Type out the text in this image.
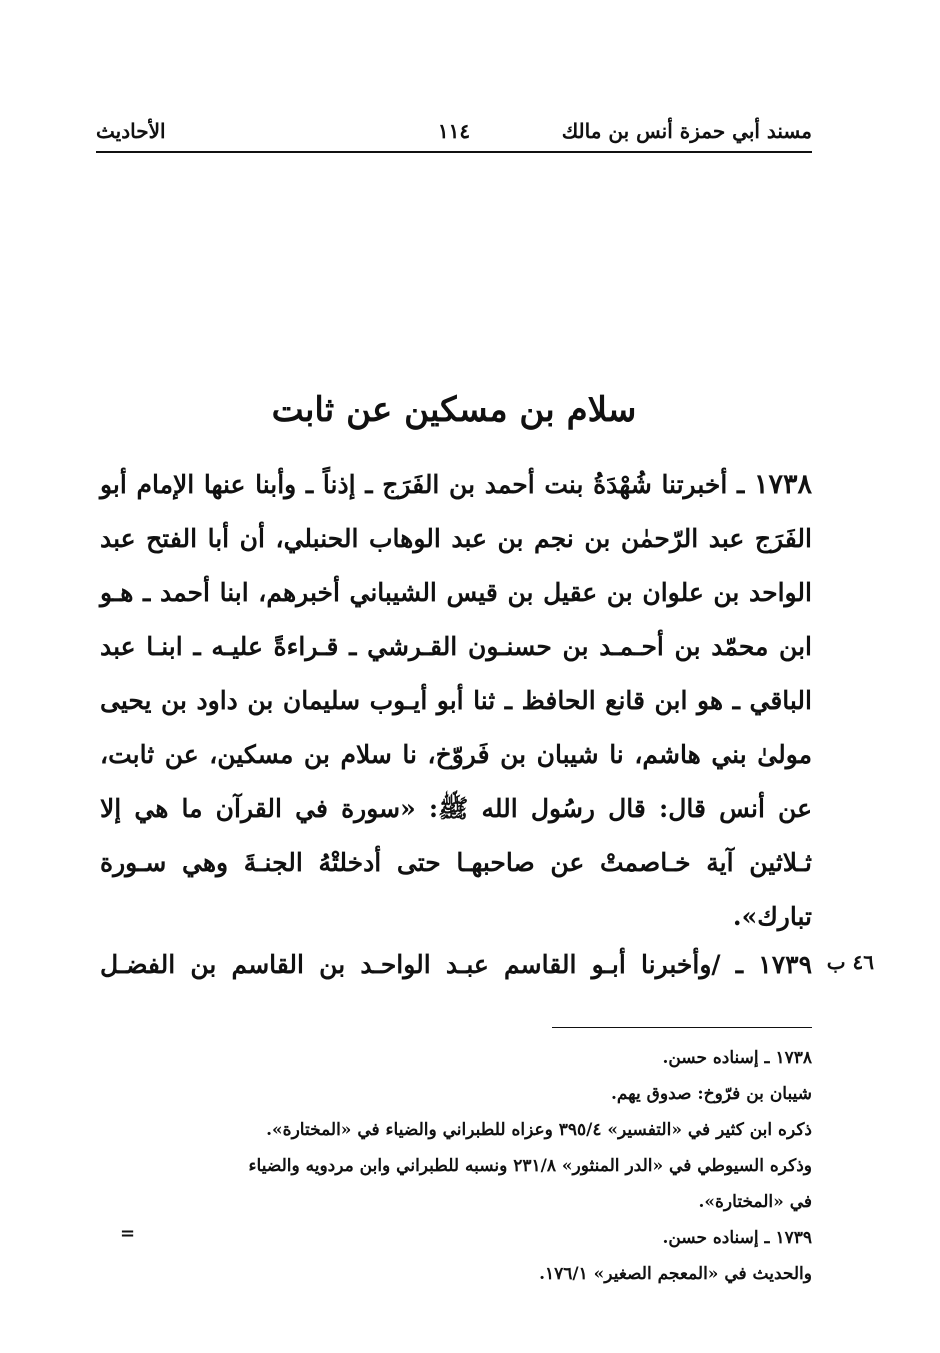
مسند أبي حمزة أنس بن مالك
١١٤
الأحاديث
سلام بن مسكين عن ثابت
١٧٣٨ ـ أخبرتنا شُهْدَةُ بنت أحمد بن الفَرَج ـ إذناً ـ وأبنا عنها الإمام أبو الفَرَج عبد الرّحمٰن بن نجم بن عبد الوهاب الحنبلي، أن أبا الفتح عبد الواحد بن علوان بن عقيل بن قيس الشيباني أخبرهم، ابنا أحمد ـ هـو ابن محمّد بن أحـمـد بن حسنـون القـرشي ـ قـراءةً عليـه ـ ابنـا عبد الباقي ـ هو ابن قانع الحافظ ـ ثنا أبو أيـوب سليمان بن داود بن يحيى مولىٰ بني هاشم، نا شيبان بن فَروّخ، نا سلام بن مسكين، عن ثابت، عن أنس قال: قال رسُول الله ﷺ: «سورة في القرآن ما هي إلا ثـلاثين آية خـاصمتْ عن صاحبهـا حتى أدخلتْهُ الجنـةَ وهي سـورة تبارك».
٤٦ ب
١٧٣٩ ـ /وأخبرنا أبـو القاسم عبـد الواحـد بن القاسم بن الفضـل
١٧٣٨ ـ إسناده حسن.
شيبان بن فرّوخ: صدوق يهم.
ذكره ابن كثير في «التفسير» ٣٩٥/٤ وعزاه للطبراني والضياء في «المختارة».
وذكره السيوطي في «الدر المنثور» ٢٣١/٨ ونسبه للطبراني وابن مردويه والضياء
في «المختارة».
١٧٣٩ ـ إسناده حسن.
والحديث في «المعجم الصغير» ١٧٦/١.
=
